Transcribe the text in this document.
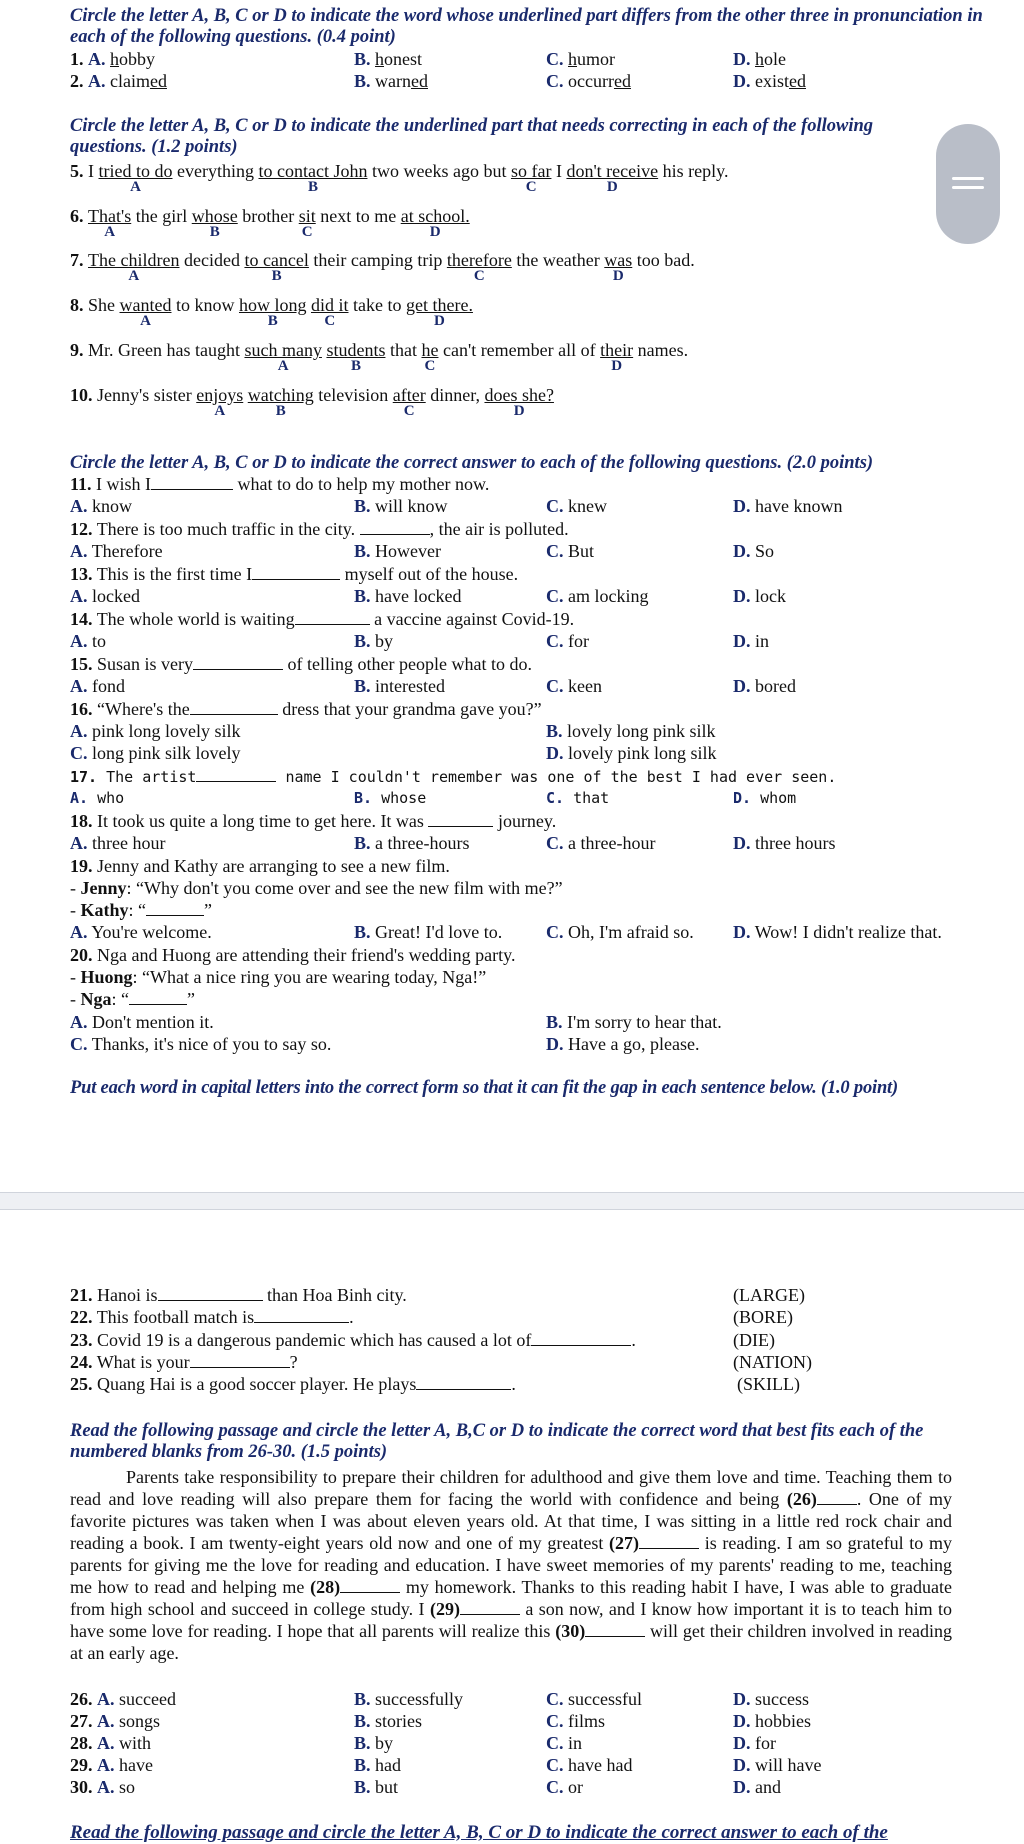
Circle the letter A, B, C or D to indicate the word whose underlined part differs from the other three in pronunciation in each of the following questions. (0.4 point)
1. A. hobby	B. honest	C. humor	D. hole
2. A. claimed	B. warned	C. occurred	D. existed
Circle the letter A, B, C or D to indicate the underlined part that needs correcting in each of the following questions. (1.2 points)
5. I tried to do
A
everything to contact John
B
two weeks ago but so far
C
I don't receive
D
his reply.
6. That's
A
the girl whose
B
brother sit
C
next to me at school.
D
7. The children
A
decided to cancel
B
their camping trip therefore
C
the weather was
D
too bad.
8. She wanted
A
to know how long
B
did it
C
take to get there.
D
9. Mr. Green has taught such many
A
students
B
that he
C
can't remember all of their
D
names.
10. Jenny's sister enjoys
A
watching
B
television after
C
dinner, does she?
D
Circle the letter A, B, C or D to indicate the correct answer to each of the following questions. (2.0 points)
11. I wish I	what to do to help my mother now.
A. know	B. will know	C. knew	D. have known
12. There is too much traffic in the city.	, the air is polluted.
A. Therefore	B. However	C. But	D. So
13. This is the first time I	myself out of the house.
A. locked	B. have locked	C. am locking	D. lock
14. The whole world is waiting	a vaccine against Covid-19.
A. to	B. by	C. for	D. in
15. Susan is very	of telling other people what to do.
A. fond	B. interested	C. keen	D. bored
16. “Where's the	dress that your grandma gave you?”
A. pink long lovely silk	B. lovely long pink silk
C. long pink silk lovely	D. lovely pink long silk
17. The artist	name I couldn't remember was one of the best I had ever seen.
A. who	B. whose	C. that	D. whom
18. It took us quite a long time to get here. It was	journey.
A. three hour	B. a three-hours	C. a three-hour	D. three hours
19. Jenny and Kathy are arranging to see a new film.
- Jenny: “Why don't you come over and see the new film with me?”
- Kathy: “	”
A. You're welcome.	B. Great! I'd love to. C. Oh, I'm afraid so. D. Wow! I didn't realize that.
20. Nga and Huong are attending their friend's wedding party.
- Huong: “What a nice ring you are wearing today, Nga!”
- Nga: “	”
A. Don't mention it.	B. I'm sorry to hear that.
C. Thanks, it's nice of you to say so.	D. Have a go, please.
Put each word in capital letters into the correct form so that it can fit the gap in each sentence below. (1.0 point)
21. Hanoi is	than Hoa Binh city.	(LARGE)
22. This football match is	.	(BORE)
23. Covid 19 is a dangerous pandemic which has caused a lot of	.	(DIE)
24. What is your	?	(NATION)
25. Quang Hai is a good soccer player. He plays	.	(SKILL)
Read the following passage and circle the letter A, B,C or D to indicate the correct word that best fits each of the numbered blanks from 26-30. (1.5 points)
Parents take responsibility to prepare their children for adulthood and give them love and time. Teaching them to read and love reading will also prepare them for facing the world with confidence and being (26) . One of my favorite pictures was taken when I was about eleven years old. At that time, I was sitting in a little red rock chair and reading a book. I am twenty-eight years old now and one of my greatest (27)	is reading. I am so grateful to my parents for giving me the love for reading and education. I have sweet memories of my parents' reading to me, teaching me how to read and helping me (28)	my homework. Thanks to this reading habit I have, I was able to graduate from high school and succeed in college study. I (29)	a son now, and I know how important it is to teach him to have some love for reading. I hope that all parents will realize this (30)	will get their children involved in reading at an early age.
26. A. succeed	B. successfully	C. successful	D. success
27. A. songs	B. stories	C. films	D. hobbies
28. A. with	B. by	C. in	D. for
29. A. have	B. had	C. have had	D. will have
30. A. so	B. but	C. or	D. and
Read the following passage and circle the letter A, B, C or D to indicate the correct answer to each of the
